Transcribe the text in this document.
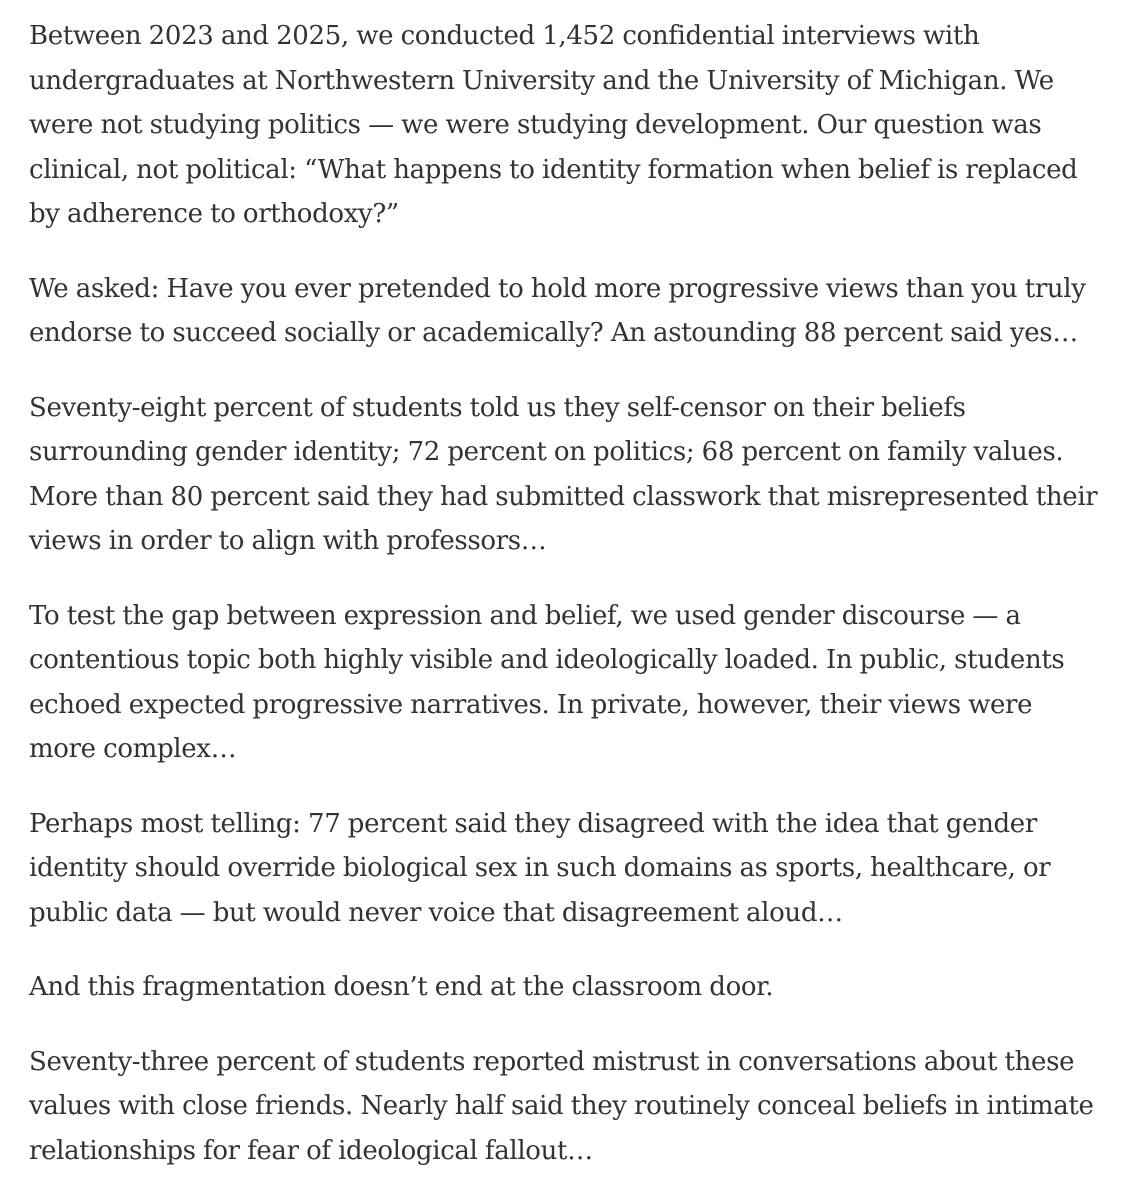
Between 2023 and 2025, we conducted 1,452 confidential interviews with undergraduates at Northwestern University and the University of Michigan. We were not studying politics — we were studying development. Our question was clinical, not political: “What happens to identity formation when belief is replaced by adherence to orthodoxy?”

We asked: Have you ever pretended to hold more progressive views than you truly endorse to succeed socially or academically? An astounding 88 percent said yes…

Seventy-eight percent of students told us they self-censor on their beliefs surrounding gender identity; 72 percent on politics; 68 percent on family values. More than 80 percent said they had submitted classwork that misrepresented their views in order to align with professors…

To test the gap between expression and belief, we used gender discourse — a contentious topic both highly visible and ideologically loaded. In public, students echoed expected progressive narratives. In private, however, their views were more complex…

Perhaps most telling: 77 percent said they disagreed with the idea that gender identity should override biological sex in such domains as sports, healthcare, or public data — but would never voice that disagreement aloud…

And this fragmentation doesn’t end at the classroom door.

Seventy-three percent of students reported mistrust in conversations about these values with close friends. Nearly half said they routinely conceal beliefs in intimate relationships for fear of ideological fallout…
